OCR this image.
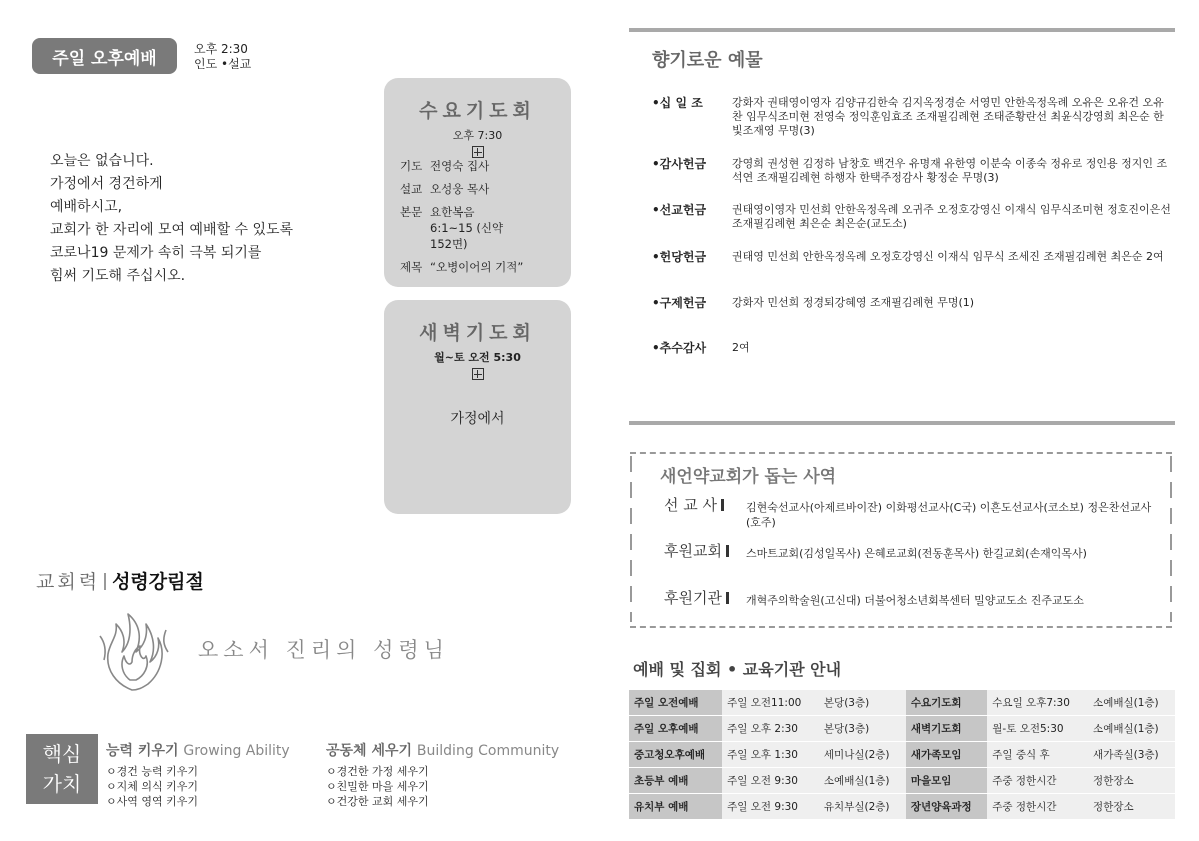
주일 오후예배	오후 2:30
인도 •설교
오늘은 없습니다.
가정에서 경건하게
예배하시고,
교회가 한 자리에 모여 예배할 수 있도록
코로나19 문제가 속히 극복 되기를
힘써 기도해 주십시오.
수요기도회
오후 7:30
기도 전영숙 집사
설교 오성웅 목사
본문 요한복음 6:1~15 (신약 152면)
제목 “오병이어의 기적”
새벽기도회
월~토 오전 5:30
가정에서
교회력 성령강림절
오소서 진리의 성령님
핵심
가치
능력 키우기 Growing Ability
ㅇ경건 능력 키우기
ㅇ지체 의식 키우기
ㅇ사역 영역 키우기
공동체 세우기 Building Community
ㅇ경건한 가정 세우기
ㅇ친밀한 마을 세우기
ㅇ건강한 교회 세우기
향기로운 예물
•십 일 조	강화자 권태영이영자 김양규김한숙 김지옥정경순 서영민 안한옥정옥례 오유은 오유건 오유찬 임무식조미현 전영숙 정익훈임효조 조재필김례현 조태준황란선 최윤식강영희 최은순 한빛조재영 무명(3)
•감사헌금	강영희 권성현 김정하 남창호 백건우 유명재 유한영 이분숙 이종숙 정유로 정인용 정지인 조석연 조재필김례현 하행자 한택주정감사 황정순 무명(3)
•선교헌금	권태영이영자 민선희 안한옥정옥례 오귀주 오정호강영신 이재식 임무식조미현 정호진이은선 조재필김례현 최은순 최은순(교도소)
•헌당헌금	권태영 민선희 안한옥정옥례 오정호강영신 이재식 임무식 조세진 조재필김례현 최은순 2여
•구제헌금	강화자 민선희 정경퇴강혜영 조재필김례현 무명(1)
•추수감사	2여
새언약교회가 돕는 사역
선 교 사	김현숙선교사(아제르바이잔) 이화평선교사(C국) 이흔도선교사(코소보) 정은찬선교사(호주)
후원교회	스마트교회(김성일목사) 은혜로교회(전동훈목사) 한길교회(손재익목사)
후원기관	개혁주의학술원(고신대) 더불어청소년회복센터 밀양교도소 진주교도소
예배 및 집회 • 교육기관 안내
주일 오전예배	주일 오전11:00	본당(3층)	수요기도회	수요일 오후7:30	소예배실(1층)
주일 오후예배	주일 오후 2:30	본당(3층)	새벽기도회	월-토 오전5:30	소예배실(1층)
중고청오후예배	주일 오후 1:30	세미나실(2층)	새가족모임	주일 중식 후	새가족실(3층)
초등부 예배	주일 오전 9:30	소예배실(1층)	마을모임	주중 정한시간	정한장소
유치부 예배	주일 오전 9:30	유치부실(2층)	장년양육과정	주중 정한시간	정한장소
